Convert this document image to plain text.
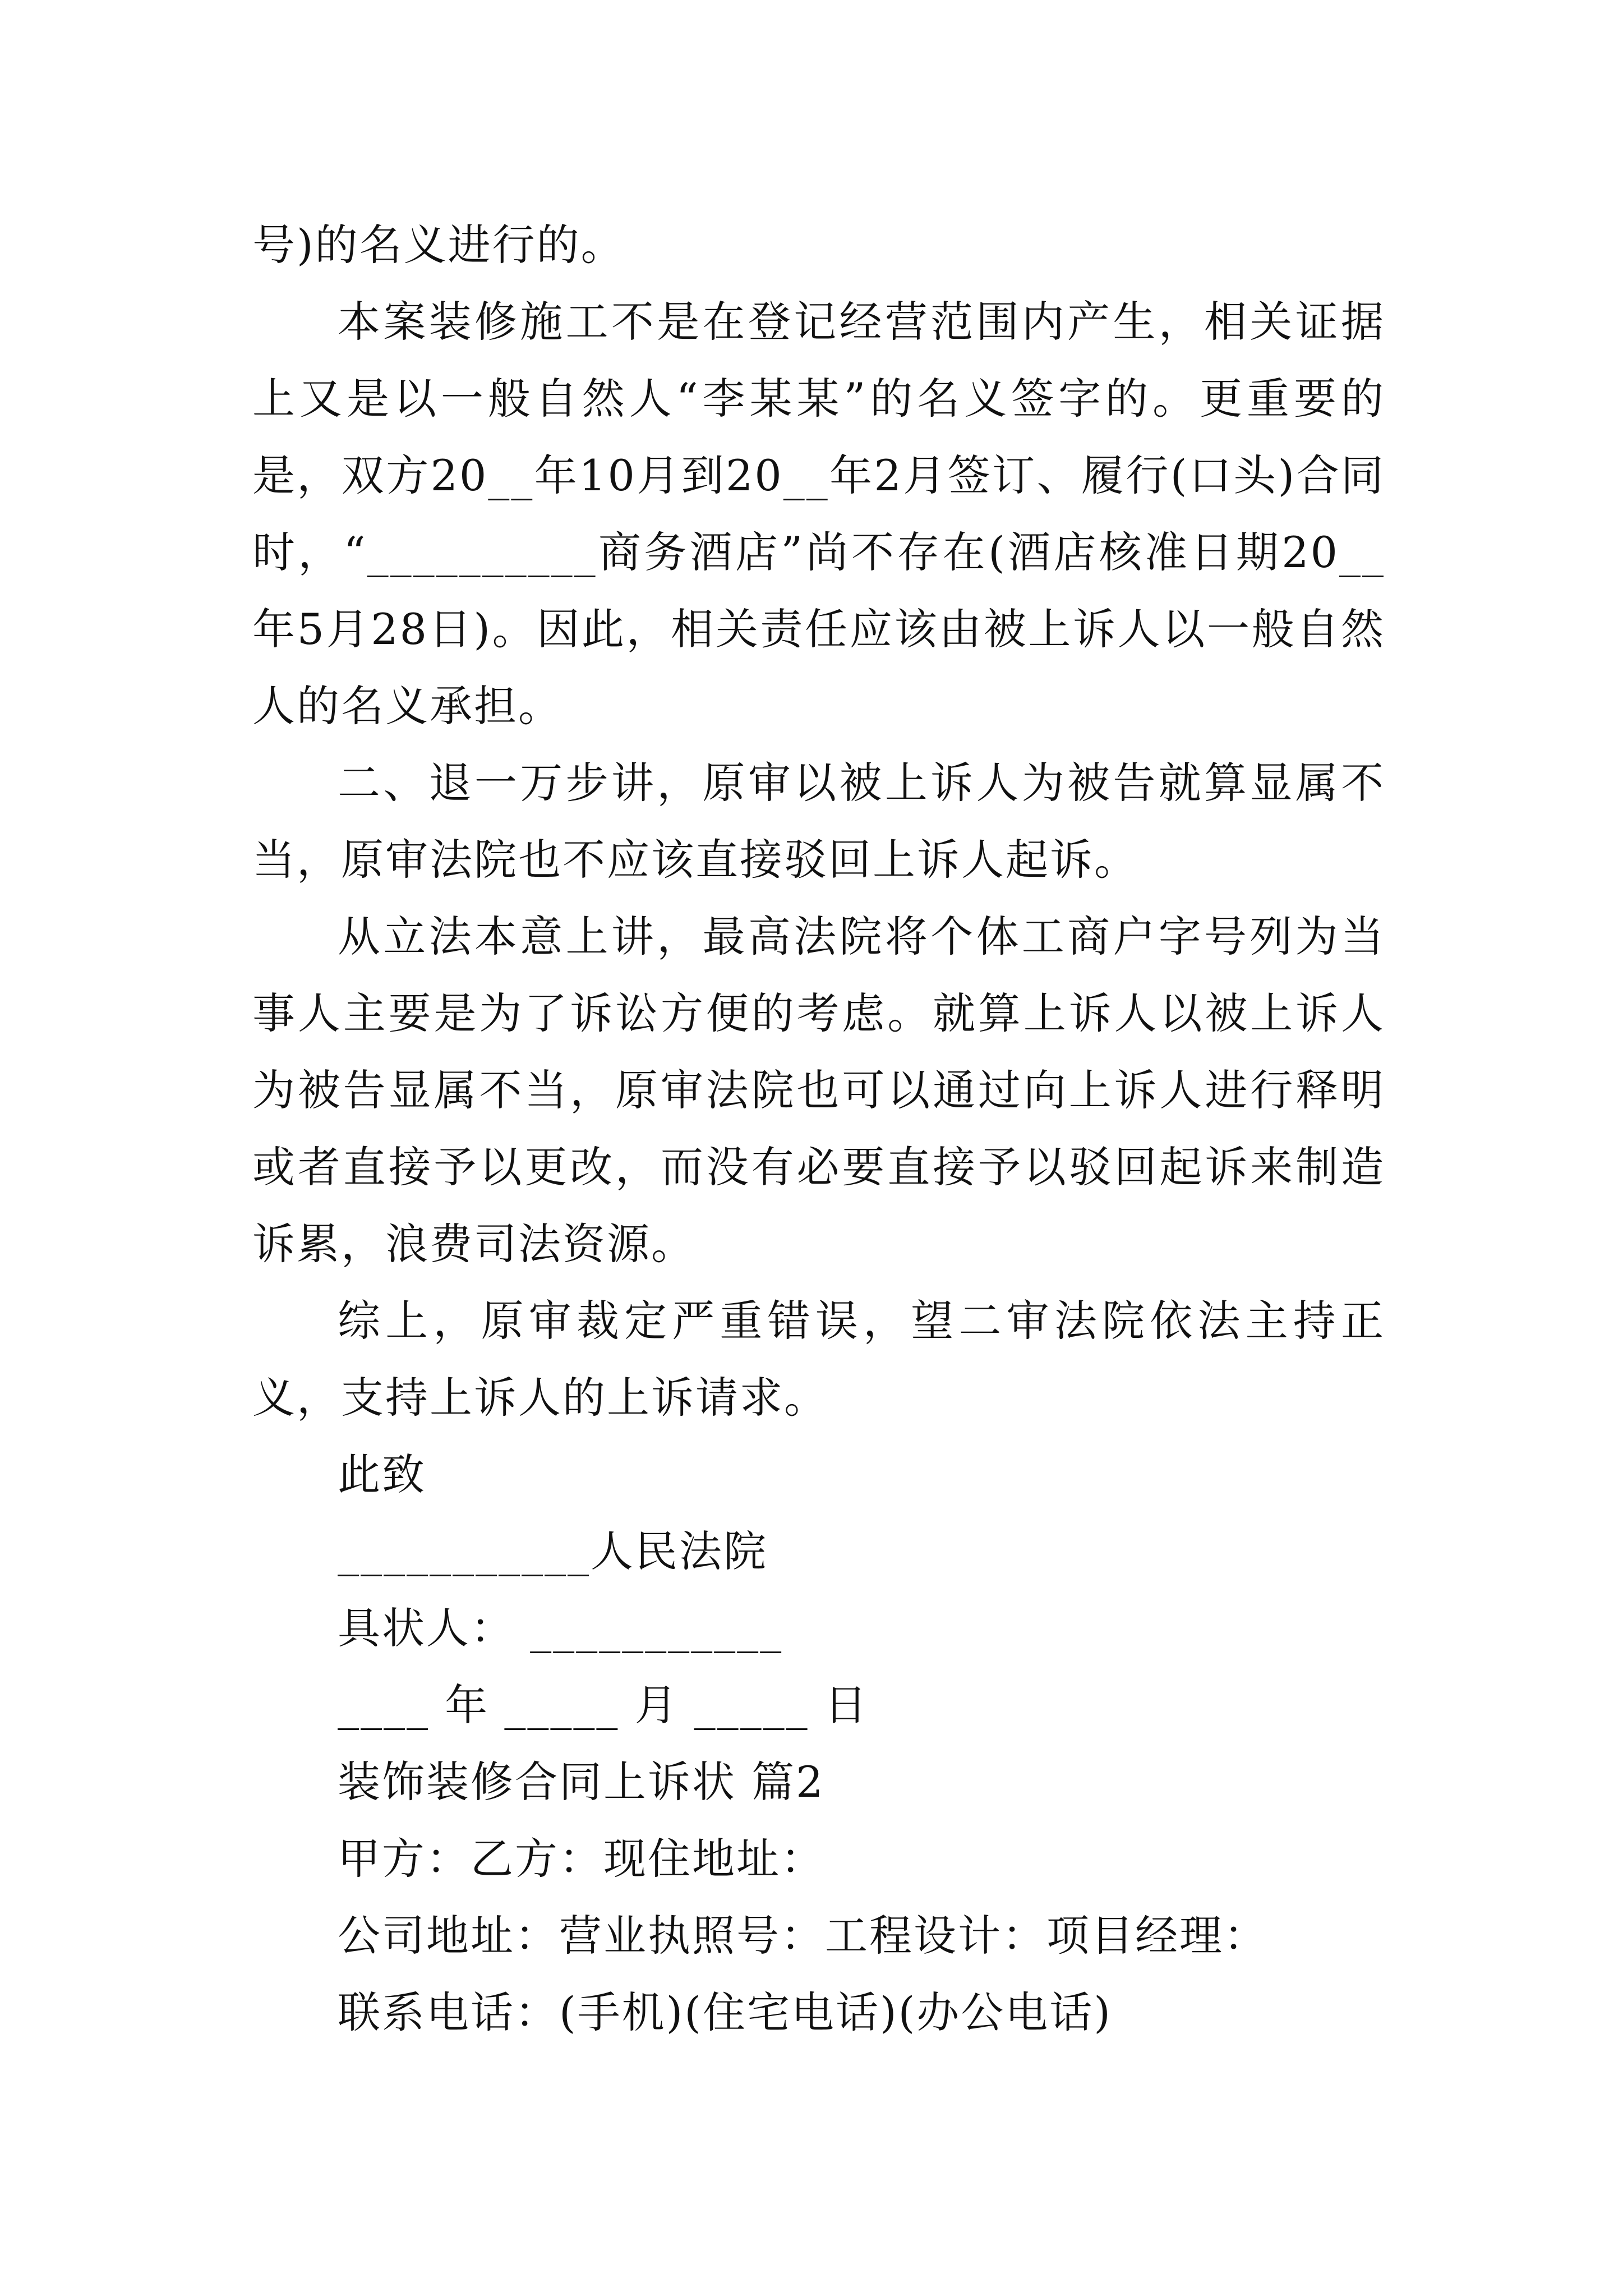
号)的名义进行的。

本案装修施工不是在登记经营范围内产生，相关证据上又是以一般自然人“李某某”的名义签字的。更重要的是，双方20__年10月到20__年2月签订、履行(口头)合同时，“__________商务酒店”尚不存在(酒店核准日期20__年5月28日)。因此，相关责任应该由被上诉人以一般自然人的名义承担。

二、退一万步讲，原审以被上诉人为被告就算显属不当，原审法院也不应该直接驳回上诉人起诉。

从立法本意上讲，最高法院将个体工商户字号列为当事人主要是为了诉讼方便的考虑。就算上诉人以被上诉人为被告显属不当，原审法院也可以通过向上诉人进行释明或者直接予以更改，而没有必要直接予以驳回起诉来制造诉累，浪费司法资源。

综上，原审裁定严重错误，望二审法院依法主持正义，支持上诉人的上诉请求。

此致

___________人民法院

具状人： ___________

____ 年 _____ 月 _____ 日

装饰装修合同上诉状 篇2

甲方：乙方：现住地址：

公司地址：营业执照号：工程设计：项目经理：

联系电话：(手机)(住宅电话)(办公电话)
